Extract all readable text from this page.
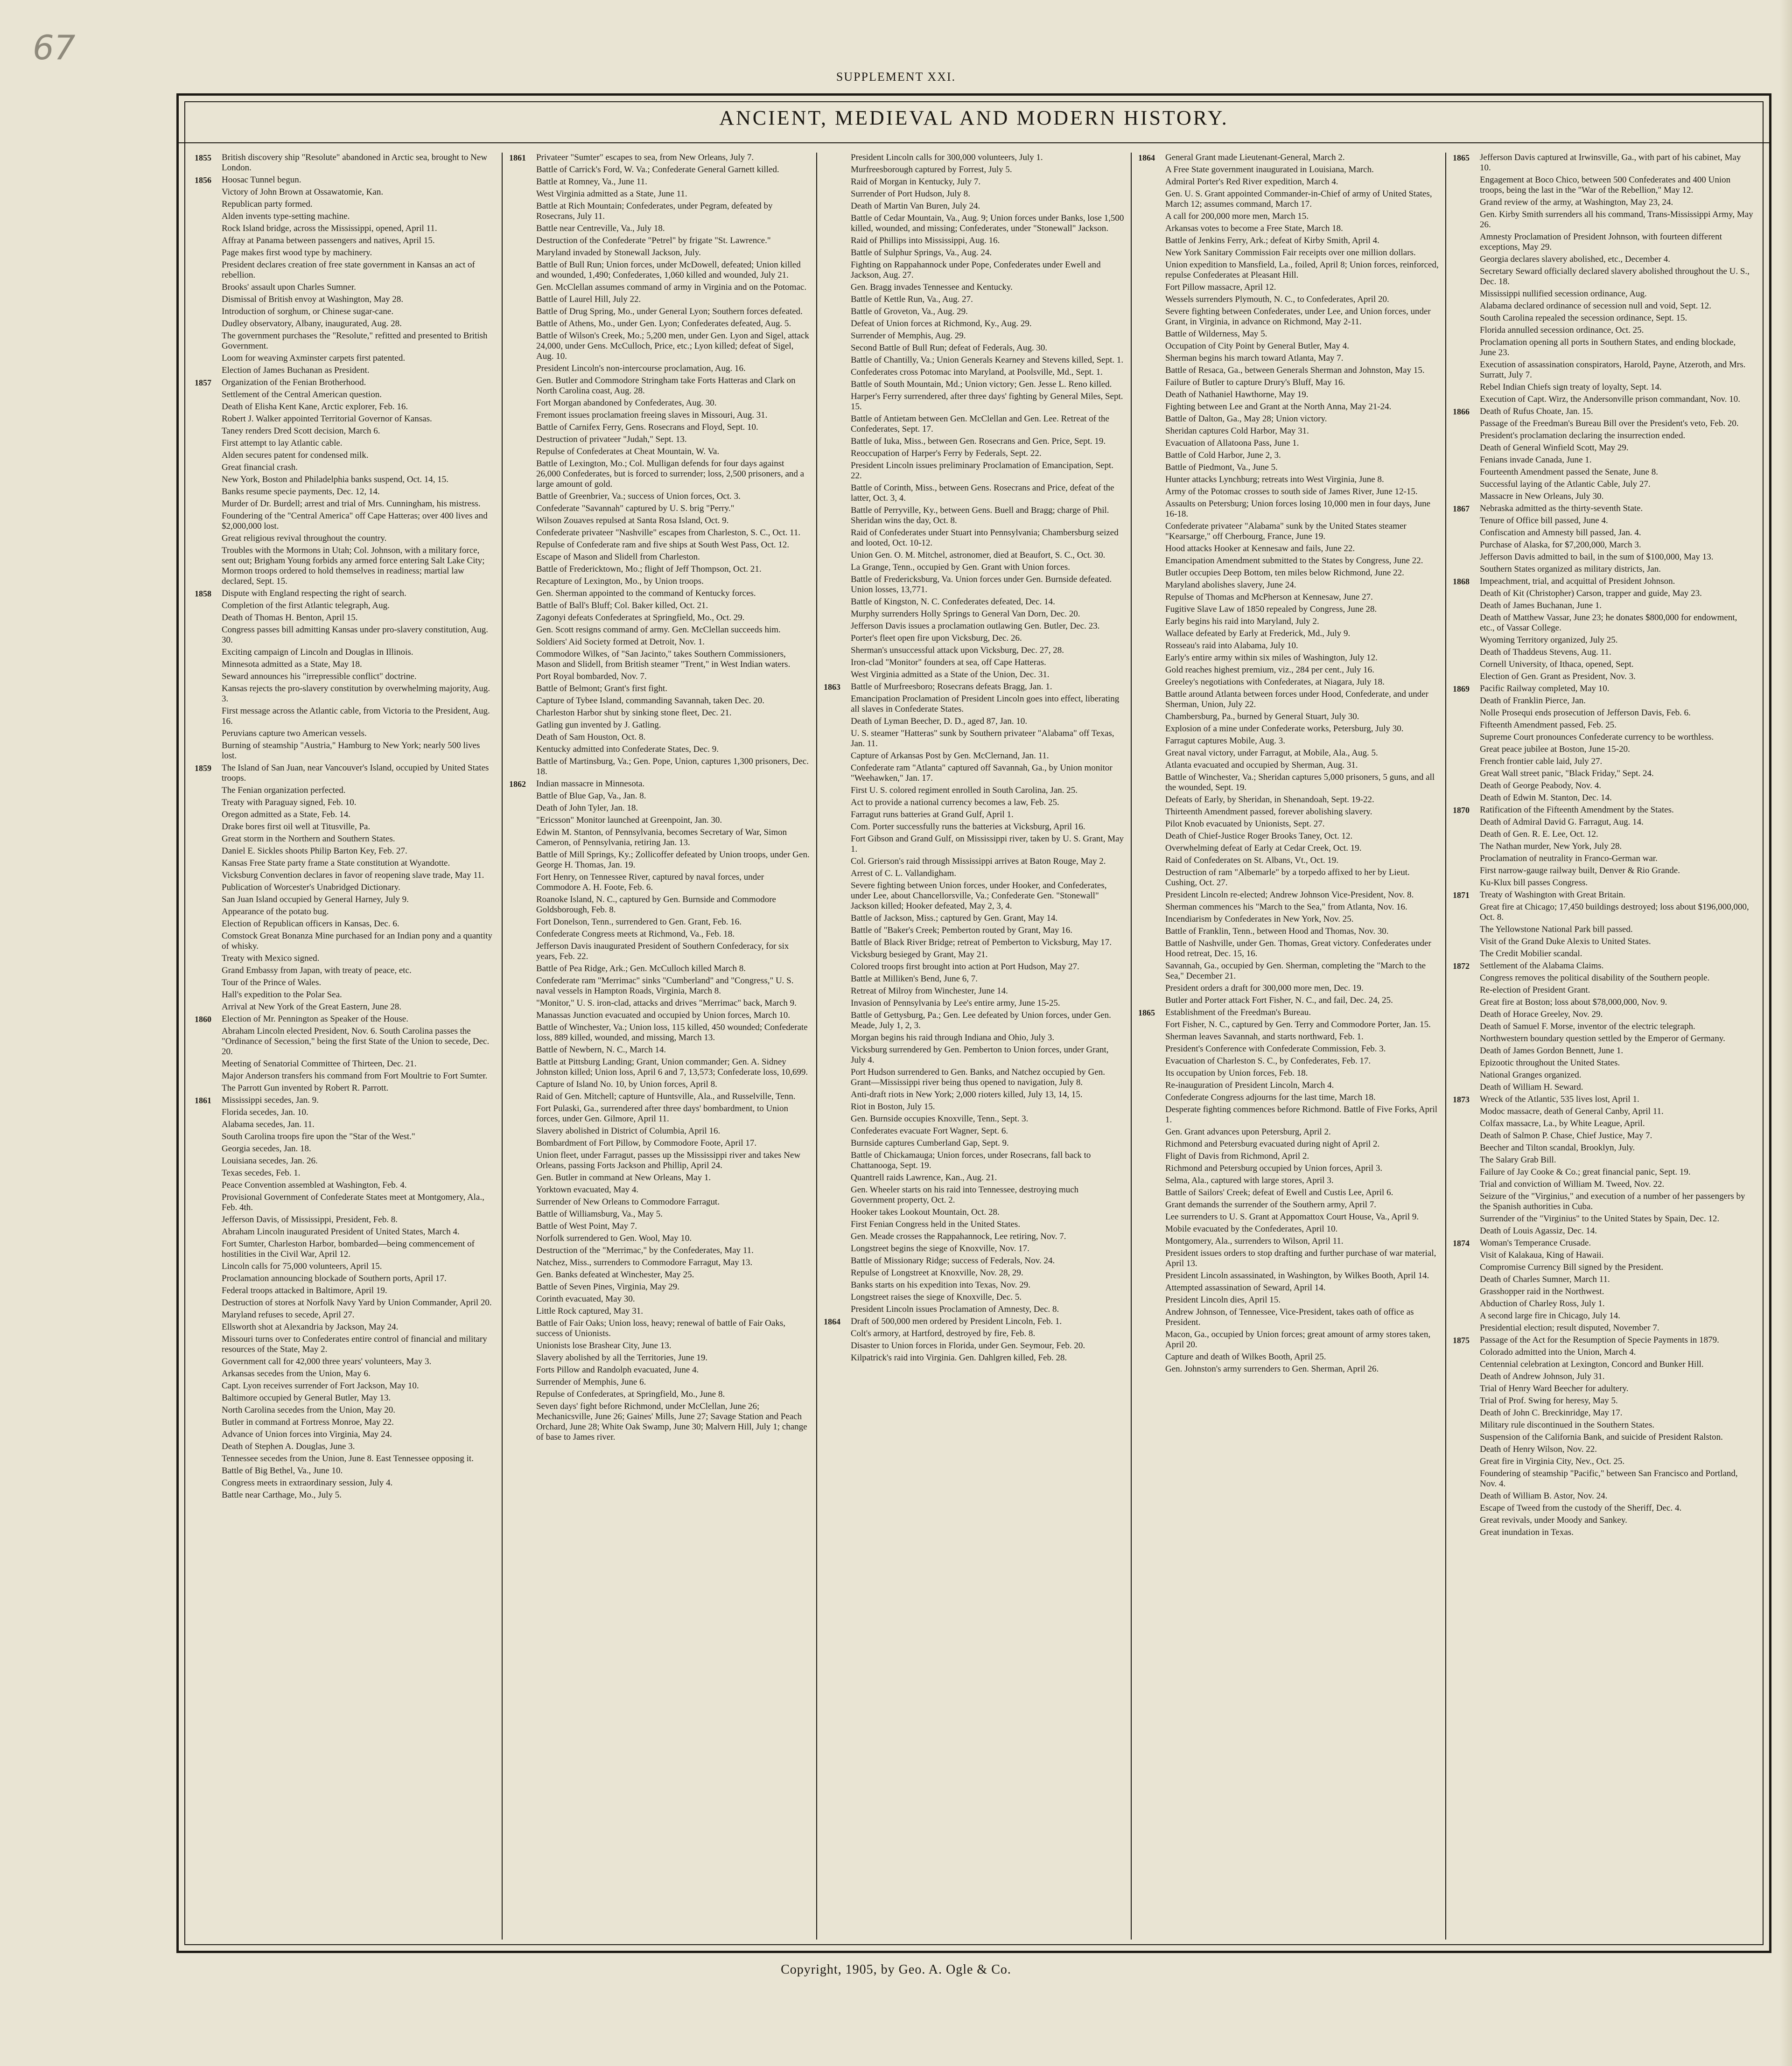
67
SUPPLEMENT XXI.
ANCIENT, MEDIEVAL AND MODERN HISTORY.
1855	British discovery ship "Resolute" abandoned in Arctic sea, brought to New London.
1856	Hoosac Tunnel begun.
Victory of John Brown at Ossawatomie, Kan.
Republican party formed.
Alden invents type-setting machine.
Rock Island bridge, across the Mississippi, opened, April 11.
Affray at Panama between passengers and natives, April 15.
Page makes first wood type by machinery.
President declares creation of free state government in Kansas an act of rebellion.
Brooks' assault upon Charles Sumner.
Dismissal of British envoy at Washington, May 28.
Introduction of sorghum, or Chinese sugar-cane.
Dudley observatory, Albany, inaugurated, Aug. 28.
The government purchases the "Resolute," refitted and presented to British Government.
Loom for weaving Axminster carpets first patented.
Election of James Buchanan as President.
1857	Organization of the Fenian Brotherhood.
Settlement of the Central American question.
Death of Elisha Kent Kane, Arctic explorer, Feb. 16.
Robert J. Walker appointed Territorial Governor of Kansas.
Taney renders Dred Scott decision, March 6.
First attempt to lay Atlantic cable.
Alden secures patent for condensed milk.
Great financial crash.
New York, Boston and Philadelphia banks suspend, Oct. 14, 15.
Banks resume specie payments, Dec. 12, 14.
Murder of Dr. Burdell; arrest and trial of Mrs. Cunningham, his mistress.
Foundering of the "Central America" off Cape Hatteras; over 400 lives and $2,000,000 lost.
Great religious revival throughout the country.
Troubles with the Mormons in Utah; Col. Johnson, with a military force, sent out; Brigham Young forbids any armed force entering Salt Lake City; Mormon troops ordered to hold themselves in readiness; martial law declared, Sept. 15.
1858	Dispute with England respecting the right of search.
Completion of the first Atlantic telegraph, Aug.
Death of Thomas H. Benton, April 15.
Congress passes bill admitting Kansas under pro-slavery constitution, Aug. 30.
Exciting campaign of Lincoln and Douglas in Illinois.
Minnesota admitted as a State, May 18.
Seward announces his "irrepressible conflict" doctrine.
Kansas rejects the pro-slavery constitution by overwhelming majority, Aug. 3.
First message across the Atlantic cable, from Victoria to the President, Aug. 16.
Peruvians capture two American vessels.
Burning of steamship "Austria," Hamburg to New York; nearly 500 lives lost.
1859	The Island of San Juan, near Vancouver's Island, occupied by United States troops.
The Fenian organization perfected.
Treaty with Paraguay signed, Feb. 10.
Oregon admitted as a State, Feb. 14.
Drake bores first oil well at Titusville, Pa.
Great storm in the Northern and Southern States.
Daniel E. Sickles shoots Philip Barton Key, Feb. 27.
Kansas Free State party frame a State constitution at Wyandotte.
Vicksburg Convention declares in favor of reopening slave trade, May 11.
Publication of Worcester's Unabridged Dictionary.
San Juan Island occupied by General Harney, July 9.
Appearance of the potato bug.
Election of Republican officers in Kansas, Dec. 6.
Comstock Great Bonanza Mine purchased for an Indian pony and a quantity of whisky.
Treaty with Mexico signed.
Grand Embassy from Japan, with treaty of peace, etc.
Tour of the Prince of Wales.
Hall's expedition to the Polar Sea.
Arrival at New York of the Great Eastern, June 28.
1860	Election of Mr. Pennington as Speaker of the House.
Abraham Lincoln elected President, Nov. 6. South Carolina passes the "Ordinance of Secession," being the first State of the Union to secede, Dec. 20.
Meeting of Senatorial Committee of Thirteen, Dec. 21.
Major Anderson transfers his command from Fort Moultrie to Fort Sumter.
The Parrott Gun invented by Robert R. Parrott.
1861	Mississippi secedes, Jan. 9.
Florida secedes, Jan. 10.
Alabama secedes, Jan. 11.
South Carolina troops fire upon the "Star of the West."
Georgia secedes, Jan. 18.
Louisiana secedes, Jan. 26.
Texas secedes, Feb. 1.
Peace Convention assembled at Washington, Feb. 4.
Provisional Government of Confederate States meet at Montgomery, Ala., Feb. 4th.
Jefferson Davis, of Mississippi, President, Feb. 8.
Abraham Lincoln inaugurated President of United States, March 4.
Fort Sumter, Charleston Harbor, bombarded—being commencement of hostilities in the Civil War, April 12.
Lincoln calls for 75,000 volunteers, April 15.
Proclamation announcing blockade of Southern ports, April 17.
Federal troops attacked in Baltimore, April 19.
Destruction of stores at Norfolk Navy Yard by Union Commander, April 20.
Maryland refuses to secede, April 27.
Ellsworth shot at Alexandria by Jackson, May 24.
Missouri turns over to Confederates entire control of financial and military resources of the State, May 2.
Government call for 42,000 three years' volunteers, May 3.
Arkansas secedes from the Union, May 6.
Capt. Lyon receives surrender of Fort Jackson, May 10.
Baltimore occupied by General Butler, May 13.
North Carolina secedes from the Union, May 20.
Butler in command at Fortress Monroe, May 22.
Advance of Union forces into Virginia, May 24.
Death of Stephen A. Douglas, June 3.
Tennessee secedes from the Union, June 8. East Tennessee opposing it.
Battle of Big Bethel, Va., June 10.
Congress meets in extraordinary session, July 4.
Battle near Carthage, Mo., July 5.
1861	Privateer "Sumter" escapes to sea, from New Orleans, July 7.
Battle of Carrick's Ford, W. Va.; Confederate General Garnett killed.
Battle at Romney, Va., June 11.
West Virginia admitted as a State, June 11.
Battle at Rich Mountain; Confederates, under Pegram, defeated by Rosecrans, July 11.
Battle near Centreville, Va., July 18.
Destruction of the Confederate "Petrel" by frigate "St. Lawrence."
Maryland invaded by Stonewall Jackson, July.
Battle of Bull Run; Union forces, under McDowell, defeated; Union killed and wounded, 1,490; Confederates, 1,060 killed and wounded, July 21.
Gen. McClellan assumes command of army in Virginia and on the Potomac.
Battle of Laurel Hill, July 22.
Battle of Drug Spring, Mo., under General Lyon; Southern forces defeated.
Battle of Athens, Mo., under Gen. Lyon; Confederates defeated, Aug. 5.
Battle of Wilson's Creek, Mo.; 5,200 men, under Gen. Lyon and Sigel, attack 24,000, under Gens. McCulloch, Price, etc.; Lyon killed; defeat of Sigel, Aug. 10.
President Lincoln's non-intercourse proclamation, Aug. 16.
Gen. Butler and Commodore Stringham take Forts Hatteras and Clark on North Carolina coast, Aug. 28.
Fort Morgan abandoned by Confederates, Aug. 30.
Fremont issues proclamation freeing slaves in Missouri, Aug. 31.
Battle of Carnifex Ferry, Gens. Rosecrans and Floyd, Sept. 10.
Destruction of privateer "Judah," Sept. 13.
Repulse of Confederates at Cheat Mountain, W. Va.
Battle of Lexington, Mo.; Col. Mulligan defends for four days against 26,000 Confederates, but is forced to surrender; loss, 2,500 prisoners, and a large amount of gold.
Battle of Greenbrier, Va.; success of Union forces, Oct. 3.
Confederate "Savannah" captured by U. S. brig "Perry."
Wilson Zouaves repulsed at Santa Rosa Island, Oct. 9.
Confederate privateer "Nashville" escapes from Charleston, S. C., Oct. 11.
Repulse of Confederate ram and five ships at South West Pass, Oct. 12.
Escape of Mason and Slidell from Charleston.
Battle of Fredericktown, Mo.; flight of Jeff Thompson, Oct. 21.
Recapture of Lexington, Mo., by Union troops.
Gen. Sherman appointed to the command of Kentucky forces.
Battle of Ball's Bluff; Col. Baker killed, Oct. 21.
Zagonyi defeats Confederates at Springfield, Mo., Oct. 29.
Gen. Scott resigns command of army. Gen. McClellan succeeds him.
Soldiers' Aid Society formed at Detroit, Nov. 1.
Commodore Wilkes, of "San Jacinto," takes Southern Commissioners, Mason and Slidell, from British steamer "Trent," in West Indian waters.
Port Royal bombarded, Nov. 7.
Battle of Belmont; Grant's first fight.
Capture of Tybee Island, commanding Savannah, taken Dec. 20.
Charleston Harbor shut by sinking stone fleet, Dec. 21.
Gatling gun invented by J. Gatling.
Death of Sam Houston, Oct. 8.
Kentucky admitted into Confederate States, Dec. 9.
Battle of Martinsburg, Va.; Gen. Pope, Union, captures 1,300 prisoners, Dec. 18.
1862	Indian massacre in Minnesota.
Battle of Blue Gap, Va., Jan. 8.
Death of John Tyler, Jan. 18.
"Ericsson" Monitor launched at Greenpoint, Jan. 30.
Edwin M. Stanton, of Pennsylvania, becomes Secretary of War, Simon Cameron, of Pennsylvania, retiring Jan. 13.
Battle of Mill Springs, Ky.; Zollicoffer defeated by Union troops, under Gen. George H. Thomas, Jan. 19.
Fort Henry, on Tennessee River, captured by naval forces, under Commodore A. H. Foote, Feb. 6.
Roanoke Island, N. C., captured by Gen. Burnside and Commodore Goldsborough, Feb. 8.
Fort Donelson, Tenn., surrendered to Gen. Grant, Feb. 16.
Confederate Congress meets at Richmond, Va., Feb. 18.
Jefferson Davis inaugurated President of Southern Confederacy, for six years, Feb. 22.
Battle of Pea Ridge, Ark.; Gen. McCulloch killed March 8.
Confederate ram "Merrimac" sinks "Cumberland" and "Congress," U. S. naval vessels in Hampton Roads, Virginia, March 8.
"Monitor," U. S. iron-clad, attacks and drives "Merrimac" back, March 9.
Manassas Junction evacuated and occupied by Union forces, March 10.
Battle of Winchester, Va.; Union loss, 115 killed, 450 wounded; Confederate loss, 889 killed, wounded, and missing, March 13.
Battle of Newbern, N. C., March 14.
Battle at Pittsburg Landing; Grant, Union commander; Gen. A. Sidney Johnston killed; Union loss, April 6 and 7, 13,573; Confederate loss, 10,699.
Capture of Island No. 10, by Union forces, April 8.
Raid of Gen. Mitchell; capture of Huntsville, Ala., and Russelville, Tenn.
Fort Pulaski, Ga., surrendered after three days' bombardment, to Union forces, under Gen. Gilmore, April 11.
Slavery abolished in District of Columbia, April 16.
Bombardment of Fort Pillow, by Commodore Foote, April 17.
Union fleet, under Farragut, passes up the Mississippi river and takes New Orleans, passing Forts Jackson and Phillip, April 24.
Gen. Butler in command at New Orleans, May 1.
Yorktown evacuated, May 4.
Surrender of New Orleans to Commodore Farragut.
Battle of Williamsburg, Va., May 5.
Battle of West Point, May 7.
Norfolk surrendered to Gen. Wool, May 10.
Destruction of the "Merrimac," by the Confederates, May 11.
Natchez, Miss., surrenders to Commodore Farragut, May 13.
Gen. Banks defeated at Winchester, May 25.
Battle of Seven Pines, Virginia, May 29.
Corinth evacuated, May 30.
Little Rock captured, May 31.
Battle of Fair Oaks; Union loss, heavy; renewal of battle of Fair Oaks, success of Unionists.
Unionists lose Brashear City, June 13.
Slavery abolished by all the Territories, June 19.
Forts Pillow and Randolph evacuated, June 4.
Surrender of Memphis, June 6.
Repulse of Confederates, at Springfield, Mo., June 8.
Seven days' fight before Richmond, under McClellan, June 26; Mechanicsville, June 26; Gaines' Mills, June 27; Savage Station and Peach Orchard, June 28; White Oak Swamp, June 30; Malvern Hill, July 1; change of base to James river.
President Lincoln calls for 300,000 volunteers, July 1.
Murfreesborough captured by Forrest, July 5.
Raid of Morgan in Kentucky, July 7.
Surrender of Port Hudson, July 8.
Death of Martin Van Buren, July 24.
Battle of Cedar Mountain, Va., Aug. 9; Union forces under Banks, lose 1,500 killed, wounded, and missing; Confederates, under "Stonewall" Jackson.
Raid of Phillips into Mississippi, Aug. 16.
Battle of Sulphur Springs, Va., Aug. 24.
Fighting on Rappahannock under Pope, Confederates under Ewell and Jackson, Aug. 27.
Gen. Bragg invades Tennessee and Kentucky.
Battle of Kettle Run, Va., Aug. 27.
Battle of Groveton, Va., Aug. 29.
Defeat of Union forces at Richmond, Ky., Aug. 29.
Surrender of Memphis, Aug. 29.
Second Battle of Bull Run; defeat of Federals, Aug. 30.
Battle of Chantilly, Va.; Union Generals Kearney and Stevens killed, Sept. 1.
Confederates cross Potomac into Maryland, at Poolsville, Md., Sept. 1.
Battle of South Mountain, Md.; Union victory; Gen. Jesse L. Reno killed.
Harper's Ferry surrendered, after three days' fighting by General Miles, Sept. 15.
Battle of Antietam between Gen. McClellan and Gen. Lee. Retreat of the Confederates, Sept. 17.
Battle of Iuka, Miss., between Gen. Rosecrans and Gen. Price, Sept. 19.
Reoccupation of Harper's Ferry by Federals, Sept. 22.
President Lincoln issues preliminary Proclamation of Emancipation, Sept. 22.
Battle of Corinth, Miss., between Gens. Rosecrans and Price, defeat of the latter, Oct. 3, 4.
Battle of Perryville, Ky., between Gens. Buell and Bragg; charge of Phil. Sheridan wins the day, Oct. 8.
Raid of Confederates under Stuart into Pennsylvania; Chambersburg seized and looted, Oct. 10-12.
Union Gen. O. M. Mitchel, astronomer, died at Beaufort, S. C., Oct. 30.
La Grange, Tenn., occupied by Gen. Grant with Union forces.
Battle of Fredericksburg, Va. Union forces under Gen. Burnside defeated. Union losses, 13,771.
Battle of Kingston, N. C. Confederates defeated, Dec. 14.
Murphy surrenders Holly Springs to General Van Dorn, Dec. 20.
Jefferson Davis issues a proclamation outlawing Gen. Butler, Dec. 23.
Porter's fleet open fire upon Vicksburg, Dec. 26.
Sherman's unsuccessful attack upon Vicksburg, Dec. 27, 28.
Iron-clad "Monitor" founders at sea, off Cape Hatteras.
West Virginia admitted as a State of the Union, Dec. 31.
1863	Battle of Murfreesboro; Rosecrans defeats Bragg, Jan. 1.
Emancipation Proclamation of President Lincoln goes into effect, liberating all slaves in Confederate States.
Death of Lyman Beecher, D. D., aged 87, Jan. 10.
U. S. steamer "Hatteras" sunk by Southern privateer "Alabama" off Texas, Jan. 11.
Capture of Arkansas Post by Gen. McClernand, Jan. 11.
Confederate ram "Atlanta" captured off Savannah, Ga., by Union monitor "Weehawken," Jan. 17.
First U. S. colored regiment enrolled in South Carolina, Jan. 25.
Act to provide a national currency becomes a law, Feb. 25.
Farragut runs batteries at Grand Gulf, April 1.
Com. Porter successfully runs the batteries at Vicksburg, April 16.
Fort Gibson and Grand Gulf, on Mississippi river, taken by U. S. Grant, May 1.
Col. Grierson's raid through Mississippi arrives at Baton Rouge, May 2.
Arrest of C. L. Vallandigham.
Severe fighting between Union forces, under Hooker, and Confederates, under Lee, about Chancellorsville, Va.; Confederate Gen. "Stonewall" Jackson killed; Hooker defeated, May 2, 3, 4.
Battle of Jackson, Miss.; captured by Gen. Grant, May 14.
Battle of "Baker's Creek; Pemberton routed by Grant, May 16.
Battle of Black River Bridge; retreat of Pemberton to Vicksburg, May 17.
Vicksburg besieged by Grant, May 21.
Colored troops first brought into action at Port Hudson, May 27.
Battle at Milliken's Bend, June 6, 7.
Retreat of Milroy from Winchester, June 14.
Invasion of Pennsylvania by Lee's entire army, June 15-25.
Battle of Gettysburg, Pa.; Gen. Lee defeated by Union forces, under Gen. Meade, July 1, 2, 3.
Morgan begins his raid through Indiana and Ohio, July 3.
Vicksburg surrendered by Gen. Pemberton to Union forces, under Grant, July 4.
Port Hudson surrendered to Gen. Banks, and Natchez occupied by Gen. Grant—Mississippi river being thus opened to navigation, July 8.
Anti-draft riots in New York; 2,000 rioters killed, July 13, 14, 15.
Riot in Boston, July 15.
Gen. Burnside occupies Knoxville, Tenn., Sept. 3.
Confederates evacuate Fort Wagner, Sept. 6.
Burnside captures Cumberland Gap, Sept. 9.
Battle of Chickamauga; Union forces, under Rosecrans, fall back to Chattanooga, Sept. 19.
Quantrell raids Lawrence, Kan., Aug. 21.
Gen. Wheeler starts on his raid into Tennessee, destroying much Government property, Oct. 2.
Hooker takes Lookout Mountain, Oct. 28.
First Fenian Congress held in the United States.
Gen. Meade crosses the Rappahannock, Lee retiring, Nov. 7.
Longstreet begins the siege of Knoxville, Nov. 17.
Battle of Missionary Ridge; success of Federals, Nov. 24.
Repulse of Longstreet at Knoxville, Nov. 28, 29.
Banks starts on his expedition into Texas, Nov. 29.
Longstreet raises the siege of Knoxville, Dec. 5.
President Lincoln issues Proclamation of Amnesty, Dec. 8.
1864	Draft of 500,000 men ordered by President Lincoln, Feb. 1.
Colt's armory, at Hartford, destroyed by fire, Feb. 8.
Disaster to Union forces in Florida, under Gen. Seymour, Feb. 20.
Kilpatrick's raid into Virginia. Gen. Dahlgren killed, Feb. 28.
1864	General Grant made Lieutenant-General, March 2.
A Free State government inaugurated in Louisiana, March.
Admiral Porter's Red River expedition, March 4.
Gen. U. S. Grant appointed Commander-in-Chief of army of United States, March 12; assumes command, March 17.
A call for 200,000 more men, March 15.
Arkansas votes to become a Free State, March 18.
Battle of Jenkins Ferry, Ark.; defeat of Kirby Smith, April 4.
New York Sanitary Commission Fair receipts over one million dollars.
Union expedition to Mansfield, La., foiled, April 8; Union forces, reinforced, repulse Confederates at Pleasant Hill.
Fort Pillow massacre, April 12.
Wessels surrenders Plymouth, N. C., to Confederates, April 20.
Severe fighting between Confederates, under Lee, and Union forces, under Grant, in Virginia, in advance on Richmond, May 2-11.
Battle of Wilderness, May 5.
Occupation of City Point by General Butler, May 4.
Sherman begins his march toward Atlanta, May 7.
Battle of Resaca, Ga., between Generals Sherman and Johnston, May 15.
Failure of Butler to capture Drury's Bluff, May 16.
Death of Nathaniel Hawthorne, May 19.
Fighting between Lee and Grant at the North Anna, May 21-24.
Battle of Dalton, Ga., May 28; Union victory.
Sheridan captures Cold Harbor, May 31.
Evacuation of Allatoona Pass, June 1.
Battle of Cold Harbor, June 2, 3.
Battle of Piedmont, Va., June 5.
Hunter attacks Lynchburg; retreats into West Virginia, June 8.
Army of the Potomac crosses to south side of James River, June 12-15.
Assaults on Petersburg; Union forces losing 10,000 men in four days, June 16-18.
Confederate privateer "Alabama" sunk by the United States steamer "Kearsarge," off Cherbourg, France, June 19.
Hood attacks Hooker at Kennesaw and fails, June 22.
Emancipation Amendment submitted to the States by Congress, June 22.
Butler occupies Deep Bottom, ten miles below Richmond, June 22.
Maryland abolishes slavery, June 24.
Repulse of Thomas and McPherson at Kennesaw, June 27.
Fugitive Slave Law of 1850 repealed by Congress, June 28.
Early begins his raid into Maryland, July 2.
Wallace defeated by Early at Frederick, Md., July 9.
Rosseau's raid into Alabama, July 10.
Early's entire army within six miles of Washington, July 12.
Gold reaches highest premium, viz., 284 per cent., July 16.
Greeley's negotiations with Confederates, at Niagara, July 18.
Battle around Atlanta between forces under Hood, Confederate, and under Sherman, Union, July 22.
Chambersburg, Pa., burned by General Stuart, July 30.
Explosion of a mine under Confederate works, Petersburg, July 30.
Farragut captures Mobile, Aug. 3.
Great naval victory, under Farragut, at Mobile, Ala., Aug. 5.
Atlanta evacuated and occupied by Sherman, Aug. 31.
Battle of Winchester, Va.; Sheridan captures 5,000 prisoners, 5 guns, and all the wounded, Sept. 19.
Defeats of Early, by Sheridan, in Shenandoah, Sept. 19-22.
Thirteenth Amendment passed, forever abolishing slavery.
Pilot Knob evacuated by Unionists, Sept. 27.
Death of Chief-Justice Roger Brooks Taney, Oct. 12.
Overwhelming defeat of Early at Cedar Creek, Oct. 19.
Raid of Confederates on St. Albans, Vt., Oct. 19.
Destruction of ram "Albemarle" by a torpedo affixed to her by Lieut. Cushing, Oct. 27.
President Lincoln re-elected; Andrew Johnson Vice-President, Nov. 8.
Sherman commences his "March to the Sea," from Atlanta, Nov. 16.
Incendiarism by Confederates in New York, Nov. 25.
Battle of Franklin, Tenn., between Hood and Thomas, Nov. 30.
Battle of Nashville, under Gen. Thomas, Great victory. Confederates under Hood retreat, Dec. 15, 16.
Savannah, Ga., occupied by Gen. Sherman, completing the "March to the Sea," December 21.
President orders a draft for 300,000 more men, Dec. 19.
Butler and Porter attack Fort Fisher, N. C., and fail, Dec. 24, 25.
1865	Establishment of the Freedman's Bureau.
Fort Fisher, N. C., captured by Gen. Terry and Commodore Porter, Jan. 15.
Sherman leaves Savannah, and starts northward, Feb. 1.
President's Conference with Confederate Commission, Feb. 3.
Evacuation of Charleston S. C., by Confederates, Feb. 17.
Its occupation by Union forces, Feb. 18.
Re-inauguration of President Lincoln, March 4.
Confederate Congress adjourns for the last time, March 18.
Desperate fighting commences before Richmond. Battle of Five Forks, April 1.
Gen. Grant advances upon Petersburg, April 2.
Richmond and Petersburg evacuated during night of April 2.
Flight of Davis from Richmond, April 2.
Richmond and Petersburg occupied by Union forces, April 3.
Selma, Ala., captured with large stores, April 3.
Battle of Sailors' Creek; defeat of Ewell and Custis Lee, April 6.
Grant demands the surrender of the Southern army, April 7.
Lee surrenders to U. S. Grant at Appomattox Court House, Va., April 9.
Mobile evacuated by the Confederates, April 10.
Montgomery, Ala., surrenders to Wilson, April 11.
President issues orders to stop drafting and further purchase of war material, April 13.
President Lincoln assassinated, in Washington, by Wilkes Booth, April 14.
Attempted assassination of Seward, April 14.
President Lincoln dies, April 15.
Andrew Johnson, of Tennessee, Vice-President, takes oath of office as President.
Macon, Ga., occupied by Union forces; great amount of army stores taken, April 20.
Capture and death of Wilkes Booth, April 25.
Gen. Johnston's army surrenders to Gen. Sherman, April 26.
1865	Jefferson Davis captured at Irwinsville, Ga., with part of his cabinet, May 10.
Engagement at Boco Chico, between 500 Confederates and 400 Union troops, being the last in the "War of the Rebellion," May 12.
Grand review of the army, at Washington, May 23, 24.
Gen. Kirby Smith surrenders all his command, Trans-Mississippi Army, May 26.
Amnesty Proclamation of President Johnson, with fourteen different exceptions, May 29.
Georgia declares slavery abolished, etc., December 4.
Secretary Seward officially declared slavery abolished throughout the U. S., Dec. 18.
Mississippi nullified secession ordinance, Aug.
Alabama declared ordinance of secession null and void, Sept. 12.
South Carolina repealed the secession ordinance, Sept. 15.
Florida annulled secession ordinance, Oct. 25.
Proclamation opening all ports in Southern States, and ending blockade, June 23.
Execution of assassination conspirators, Harold, Payne, Atzeroth, and Mrs. Surratt, July 7.
Rebel Indian Chiefs sign treaty of loyalty, Sept. 14.
Execution of Capt. Wirz, the Andersonville prison commandant, Nov. 10.
1866	Death of Rufus Choate, Jan. 15.
Passage of the Freedman's Bureau Bill over the President's veto, Feb. 20.
President's proclamation declaring the insurrection ended.
Death of General Winfield Scott, May 29.
Fenians invade Canada, June 1.
Fourteenth Amendment passed the Senate, June 8.
Successful laying of the Atlantic Cable, July 27.
Massacre in New Orleans, July 30.
1867	Nebraska admitted as the thirty-seventh State.
Tenure of Office bill passed, June 4.
Confiscation and Amnesty bill passed, Jan. 4.
Purchase of Alaska, for $7,200,000, March 3.
Jefferson Davis admitted to bail, in the sum of $100,000, May 13.
Southern States organized as military districts, Jan.
1868	Impeachment, trial, and acquittal of President Johnson.
Death of Kit (Christopher) Carson, trapper and guide, May 23.
Death of James Buchanan, June 1.
Death of Matthew Vassar, June 23; he donates $800,000 for endowment, etc., of Vassar College.
Wyoming Territory organized, July 25.
Death of Thaddeus Stevens, Aug. 11.
Cornell University, of Ithaca, opened, Sept.
Election of Gen. Grant as President, Nov. 3.
1869	Pacific Railway completed, May 10.
Death of Franklin Pierce, Jan.
Nolle Prosequi ends prosecution of Jefferson Davis, Feb. 6.
Fifteenth Amendment passed, Feb. 25.
Supreme Court pronounces Confederate currency to be worthless.
Great peace jubilee at Boston, June 15-20.
French frontier cable laid, July 27.
Great Wall street panic, "Black Friday," Sept. 24.
Death of George Peabody, Nov. 4.
Death of Edwin M. Stanton, Dec. 14.
1870	Ratification of the Fifteenth Amendment by the States.
Death of Admiral David G. Farragut, Aug. 14.
Death of Gen. R. E. Lee, Oct. 12.
The Nathan murder, New York, July 28.
Proclamation of neutrality in Franco-German war.
First narrow-gauge railway built, Denver & Rio Grande.
Ku-Klux bill passes Congress.
1871	Treaty of Washington with Great Britain.
Great fire at Chicago; 17,450 buildings destroyed; loss about $196,000,000, Oct. 8.
The Yellowstone National Park bill passed.
Visit of the Grand Duke Alexis to United States.
The Credit Mobilier scandal.
1872	Settlement of the Alabama Claims.
Congress removes the political disability of the Southern people.
Re-election of President Grant.
Great fire at Boston; loss about $78,000,000, Nov. 9.
Death of Horace Greeley, Nov. 29.
Death of Samuel F. Morse, inventor of the electric telegraph.
Northwestern boundary question settled by the Emperor of Germany.
Death of James Gordon Bennett, June 1.
Epizootic throughout the United States.
National Granges organized.
Death of William H. Seward.
1873	Wreck of the Atlantic, 535 lives lost, April 1.
Modoc massacre, death of General Canby, April 11.
Colfax massacre, La., by White League, April.
Death of Salmon P. Chase, Chief Justice, May 7.
Beecher and Tilton scandal, Brooklyn, July.
The Salary Grab Bill.
Failure of Jay Cooke & Co.; great financial panic, Sept. 19.
Trial and conviction of William M. Tweed, Nov. 22.
Seizure of the "Virginius," and execution of a number of her passengers by the Spanish authorities in Cuba.
Surrender of the "Virginius" to the United States by Spain, Dec. 12.
Death of Louis Agassiz, Dec. 14.
1874	Woman's Temperance Crusade.
Visit of Kalakaua, King of Hawaii.
Compromise Currency Bill signed by the President.
Death of Charles Sumner, March 11.
Grasshopper raid in the Northwest.
Abduction of Charley Ross, July 1.
A second large fire in Chicago, July 14.
Presidential election; result disputed, November 7.
1875	Passage of the Act for the Resumption of Specie Payments in 1879.
Colorado admitted into the Union, March 4.
Centennial celebration at Lexington, Concord and Bunker Hill.
Death of Andrew Johnson, July 31.
Trial of Henry Ward Beecher for adultery.
Trial of Prof. Swing for heresy, May 5.
Death of John C. Breckinridge, May 17.
Military rule discontinued in the Southern States.
Suspension of the California Bank, and suicide of President Ralston.
Death of Henry Wilson, Nov. 22.
Great fire in Virginia City, Nev., Oct. 25.
Foundering of steamship "Pacific," between San Francisco and Portland, Nov. 4.
Death of William B. Astor, Nov. 24.
Escape of Tweed from the custody of the Sheriff, Dec. 4.
Great revivals, under Moody and Sankey.
Great inundation in Texas.
Copyright, 1905, by Geo. A. Ogle & Co.
